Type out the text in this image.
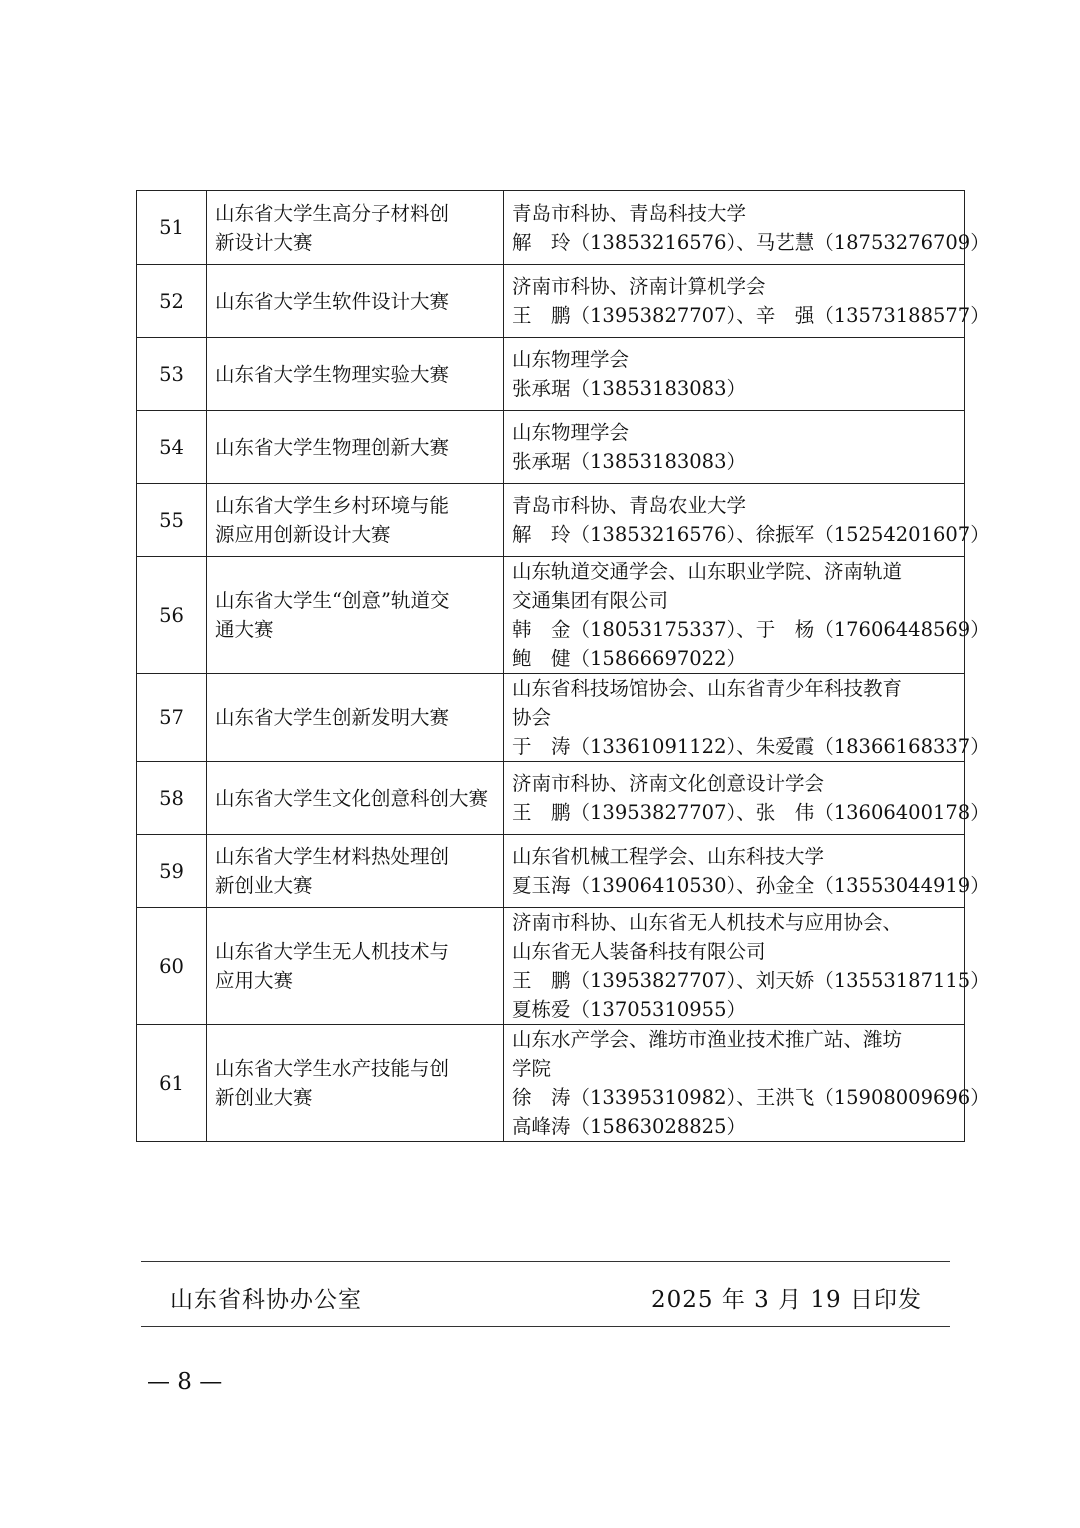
51	山东省大学生高分子材料创
新设计大赛	青岛市科协、青岛科技大学
解　玲（13853216576）、马艺慧（18753276709）

52	山东省大学生软件设计大赛	济南市科协、济南计算机学会
王　鹏（13953827707）、辛　强（13573188577）

53	山东省大学生物理实验大赛	山东物理学会
张承琚（13853183083）

54	山东省大学生物理创新大赛	山东物理学会
张承琚（13853183083）

55	山东省大学生乡村环境与能
源应用创新设计大赛	青岛市科协、青岛农业大学
解　玲（13853216576）、徐振军（15254201607）

56	山东省大学生“创意”轨道交
通大赛	山东轨道交通学会、山东职业学院、济南轨道
交通集团有限公司
韩　金（18053175337）、于　杨（17606448569）
鲍　健（15866697022）

57	山东省大学生创新发明大赛	山东省科技场馆协会、山东省青少年科技教育
协会
于　涛（13361091122）、朱爱霞（18366168337）

58	山东省大学生文化创意科创大赛	济南市科协、济南文化创意设计学会
王　鹏（13953827707）、张　伟（13606400178）

59	山东省大学生材料热处理创
新创业大赛	山东省机械工程学会、山东科技大学
夏玉海（13906410530）、孙金全（13553044919）

60	山东省大学生无人机技术与
应用大赛	济南市科协、山东省无人机技术与应用协会、
山东省无人装备科技有限公司
王　鹏（13953827707）、刘天娇（13553187115）
夏栋爱（13705310955）

61	山东省大学生水产技能与创
新创业大赛	山东水产学会、潍坊市渔业技术推广站、潍坊
学院
徐　涛（13395310982）、王洪飞（15908009696）
高峰涛（15863028825）
山东省科协办公室	2025 年 3 月 19 日印发
— 8 —
